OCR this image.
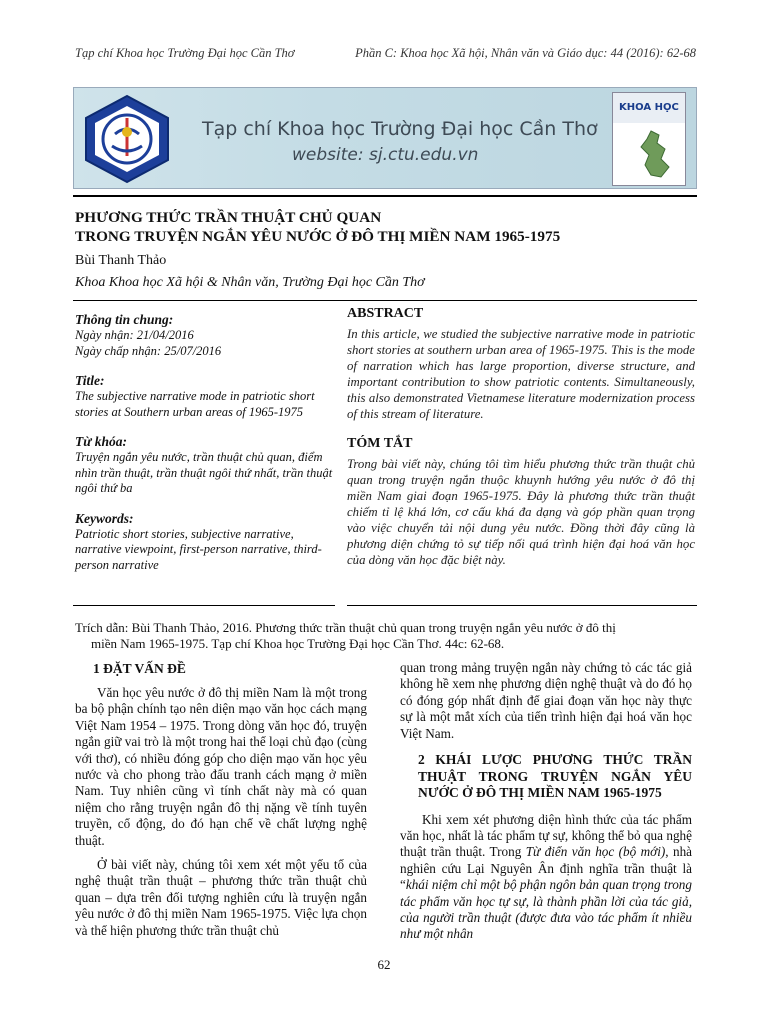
Tạp chí Khoa học Trường Đại học Cần Thơ	Phần C: Khoa học Xã hội, Nhân văn và Giáo dục: 44 (2016): 62-68
Tạp chí Khoa học Trường Đại học Cần Thơ
website: sj.ctu.edu.vn
KHOA HỌC
PHƯƠNG THỨC TRẦN THUẬT CHỦ QUAN
TRONG TRUYỆN NGẮN YÊU NƯỚC Ở ĐÔ THỊ MIỀN NAM 1965-1975
Bùi Thanh Thảo
Khoa Khoa học Xã hội & Nhân văn, Trường Đại học Cần Thơ
Thông tin chung:
Ngày nhận: 21/04/2016
Ngày chấp nhận: 25/07/2016
Title:
The subjective narrative mode in patriotic short stories at Southern urban areas of 1965-1975
Từ khóa:
Truyện ngắn yêu nước, trần thuật chủ quan, điểm nhìn trần thuật, trần thuật ngôi thứ nhất, trần thuật ngôi thứ ba
Keywords:
Patriotic short stories, subjective narrative, narrative viewpoint, first-person narrative, third-person narrative
ABSTRACT
In this article, we studied the subjective narrative mode in patriotic short stories at southern urban area of 1965-1975. This is the mode of narration which has large proportion, diverse structure, and important contribution to show patriotic contents. Simultaneously, this also demonstrated Vietnamese literature modernization process of this stream of literature.
TÓM TẮT
Trong bài viết này, chúng tôi tìm hiểu phương thức trần thuật chủ quan trong truyện ngắn thuộc khuynh hướng yêu nước ở đô thị miền Nam giai đoạn 1965-1975. Đây là phương thức trần thuật chiếm tỉ lệ khá lớn, cơ cấu khá đa dạng và góp phần quan trọng vào việc chuyển tải nội dung yêu nước. Đồng thời đây cũng là phương diện chứng tỏ sự tiếp nối quá trình hiện đại hoá văn học của dòng văn học đặc biệt này.
Trích dẫn: Bùi Thanh Thảo, 2016. Phương thức trần thuật chủ quan trong truyện ngắn yêu nước ở đô thị
miền Nam 1965-1975. Tạp chí Khoa học Trường Đại học Cần Thơ. 44c: 62-68.
1 ĐẶT VẤN ĐỀ

Văn học yêu nước ở đô thị miền Nam là một trong ba bộ phận chính tạo nên diện mạo văn học cách mạng Việt Nam 1954 – 1975. Trong dòng văn học đó, truyện ngắn giữ vai trò là một trong hai thể loại chủ đạo (cùng với thơ), có nhiều đóng góp cho diện mạo văn học yêu nước và cho phong trào đấu tranh cách mạng ở miền Nam. Tuy nhiên cũng vì tính chất này mà có quan niệm cho rằng truyện ngắn đô thị nặng về tính tuyên truyền, cổ động, do đó hạn chế về chất lượng nghệ thuật.

Ở bài viết này, chúng tôi xem xét một yếu tố của nghệ thuật trần thuật – phương thức trần thuật chủ quan – dựa trên đối tượng nghiên cứu là truyện ngắn yêu nước ở đô thị miền Nam 1965-1975. Việc lựa chọn và thể hiện phương thức trần thuật chủ

quan trong mảng truyện ngắn này chứng tỏ các tác giả không hề xem nhẹ phương diện nghệ thuật và do đó họ có đóng góp nhất định để giai đoạn văn học này thực sự là một mắt xích của tiến trình hiện đại hoá văn học Việt Nam.

2 KHÁI LƯỢC PHƯƠNG THỨC TRẦN THUẬT TRONG TRUYỆN NGẮN YÊU NƯỚC Ở ĐÔ THỊ MIỀN NAM 1965-1975

Khi xem xét phương diện hình thức của tác phẩm văn học, nhất là tác phẩm tự sự, không thể bỏ qua nghệ thuật trần thuật. Trong Từ điển văn học (bộ mới), nhà nghiên cứu Lại Nguyên Ân định nghĩa trần thuật là “khái niệm chỉ một bộ phận ngôn bản quan trọng trong tác phẩm văn học tự sự, là thành phần lời của tác giả, của người trần thuật (được đưa vào tác phẩm ít nhiều như một nhân

62
